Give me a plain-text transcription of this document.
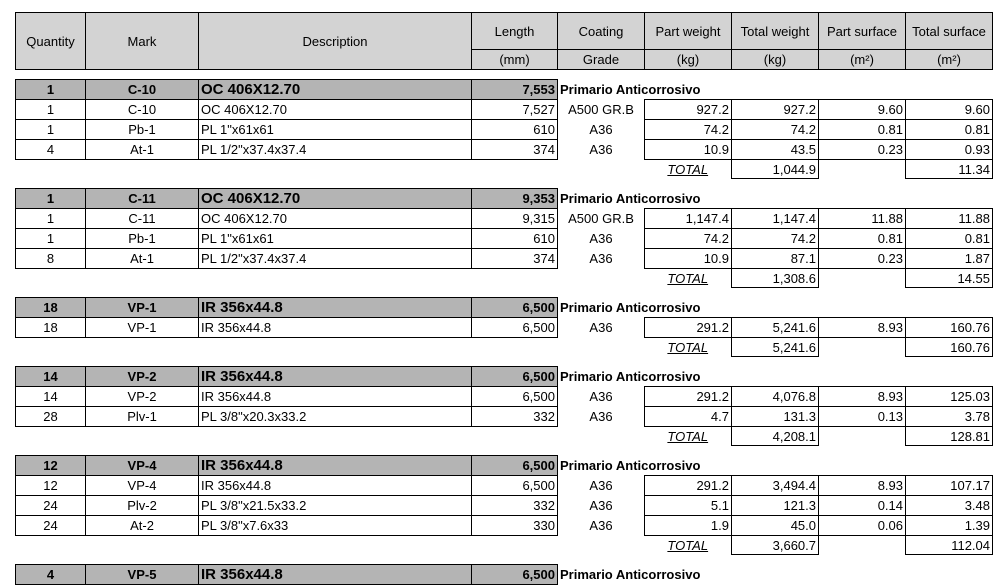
Quantity	Mark	Description	Length	Coating	Part weight	Total weight	Part surface	Total surface
			(mm)	Grade	(kg)	(kg)	(m²)	(m²)

1	C-10	OC 406X12.70	7,553	Primario Anticorrosivo				
1	C-10	OC 406X12.70	7,527	A500 GR.B	927.2	927.2	9.60	9.60
1	Pb-1	PL 1"x61x61	610	A36	74.2	74.2	0.81	0.81
4	At-1	PL 1/2"x37.4x37.4	374	A36	10.9	43.5	0.23	0.93
					TOTAL	1,044.9		11.34

1	C-11	OC 406X12.70	9,353	Primario Anticorrosivo				
1	C-11	OC 406X12.70	9,315	A500 GR.B	1,147.4	1,147.4	11.88	11.88
1	Pb-1	PL 1"x61x61	610	A36	74.2	74.2	0.81	0.81
8	At-1	PL 1/2"x37.4x37.4	374	A36	10.9	87.1	0.23	1.87
					TOTAL	1,308.6		14.55

18	VP-1	IR 356x44.8	6,500	Primario Anticorrosivo				
18	VP-1	IR 356x44.8	6,500	A36	291.2	5,241.6	8.93	160.76
					TOTAL	5,241.6		160.76

14	VP-2	IR 356x44.8	6,500	Primario Anticorrosivo				
14	VP-2	IR 356x44.8	6,500	A36	291.2	4,076.8	8.93	125.03
28	Plv-1	PL 3/8"x20.3x33.2	332	A36	4.7	131.3	0.13	3.78
					TOTAL	4,208.1		128.81

12	VP-4	IR 356x44.8	6,500	Primario Anticorrosivo				
12	VP-4	IR 356x44.8	6,500	A36	291.2	3,494.4	8.93	107.17
24	Plv-2	PL 3/8"x21.5x33.2	332	A36	5.1	121.3	0.14	3.48
24	At-2	PL 3/8"x7.6x33	330	A36	1.9	45.0	0.06	1.39
					TOTAL	3,660.7		112.04

4	VP-5	IR 356x44.8	6,500	Primario Anticorrosivo				
